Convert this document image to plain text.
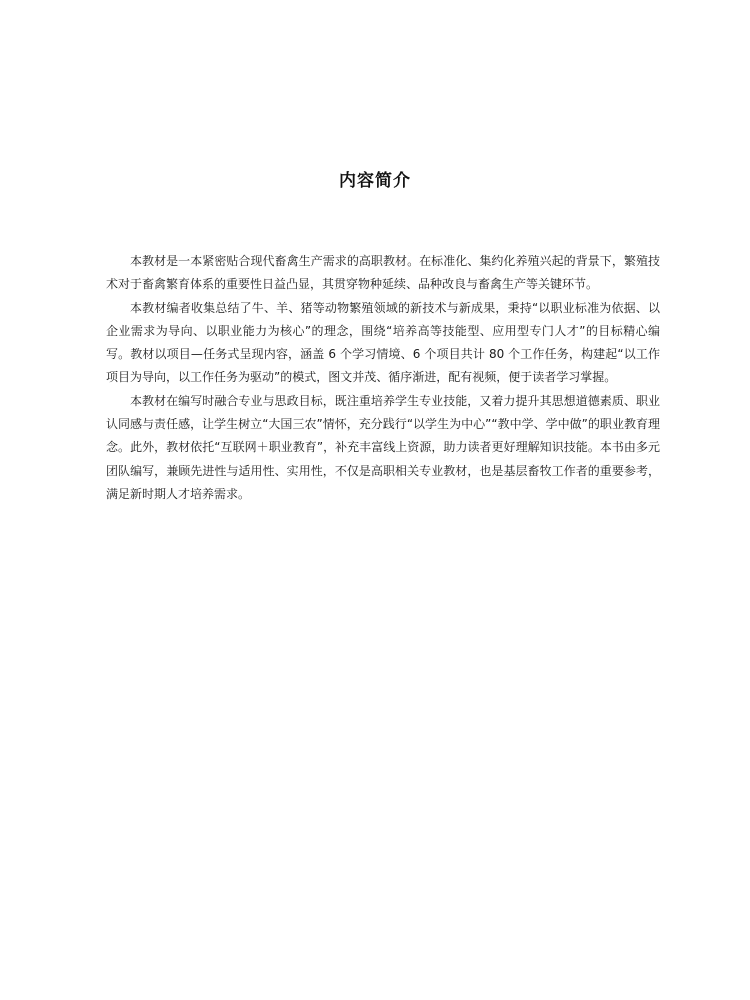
内容简介

本教材是一本紧密贴合现代畜禽生产需求的高职教材。在标准化、集约化养殖兴起的背景下，繁殖技术对于畜禽繁育体系的重要性日益凸显，其贯穿物种延续、品种改良与畜禽生产等关键环节。

本教材编者收集总结了牛、羊、猪等动物繁殖领域的新技术与新成果，秉持“以职业标准为依据、以企业需求为导向、以职业能力为核心”的理念，围绕“培养高等技能型、应用型专门人才”的目标精心编写。教材以项目—任务式呈现内容，涵盖 6 个学习情境、6 个项目共计 80 个工作任务，构建起“以工作项目为导向，以工作任务为驱动”的模式，图文并茂、循序渐进，配有视频，便于读者学习掌握。

本教材在编写时融合专业与思政目标，既注重培养学生专业技能，又着力提升其思想道德素质、职业认同感与责任感，让学生树立“大国三农”情怀，充分践行“以学生为中心”“教中学、学中做”的职业教育理念。此外，教材依托“互联网＋职业教育”，补充丰富线上资源，助力读者更好理解知识技能。本书由多元团队编写，兼顾先进性与适用性、实用性，不仅是高职相关专业教材，也是基层畜牧工作者的重要参考，满足新时期人才培养需求。
